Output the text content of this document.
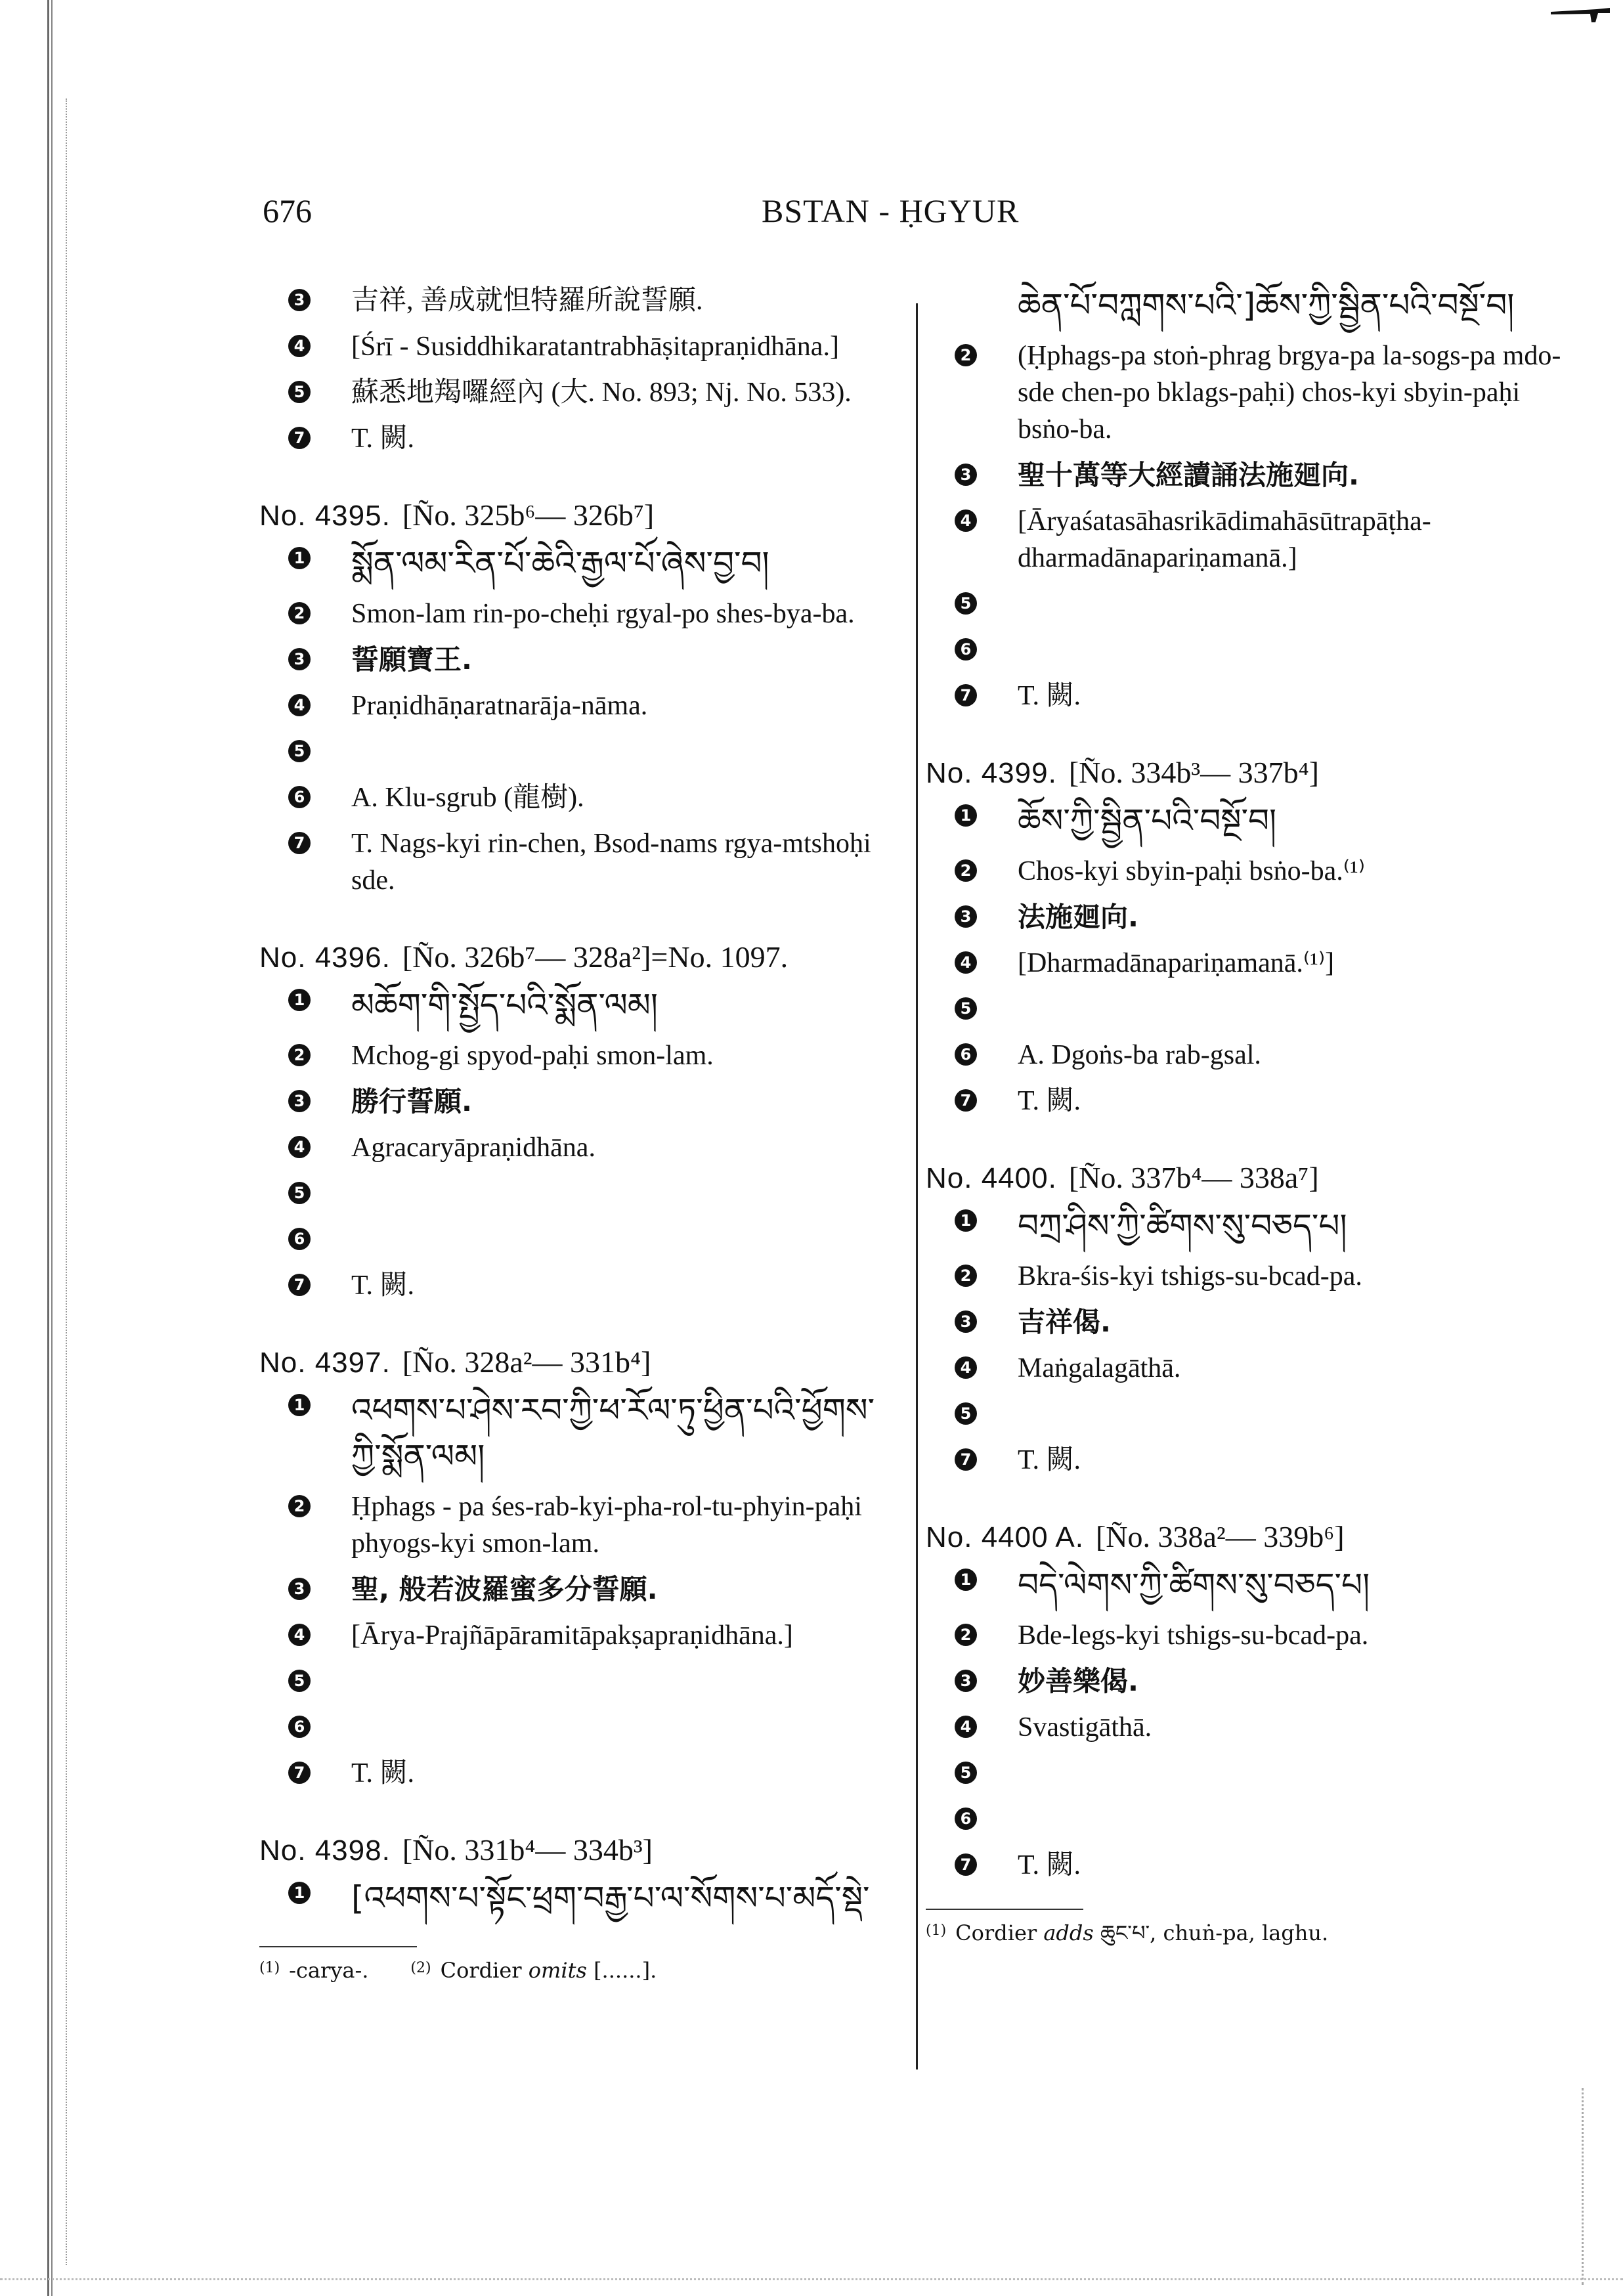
676	BSTAN - ḤGYUR
3 吉祥, 善成就怛特羅所說誓願.
4 [Śrī - Susiddhikaratantrabhāṣitapraṇidhāna.]
5 蘇悉地羯囉經內 (大. No. 893; Nj. No. 533).
7 T. 闕.
No. 4395. [Ño. 325b⁶— 326b⁷]
1 སྨོན་ལམ་རིན་པོ་ཆེའི་རྒྱལ་པོ་ཞེས་བྱ་བ།
2 Smon-lam rin-po-cheḥi rgyal-po shes-bya-ba.
3 誓願寶王.
4 Praṇidhāṇaratnarāja-nāma.
5
6 A. Klu-sgrub (龍樹).
7 T. Nags-kyi rin-chen, Bsod-nams rgya-mtshoḥi sde.
No. 4396. [Ño. 326b⁷— 328a²]=No. 1097.
1 མཆོག་གི་སྤྱོད་པའི་སྨོན་ལམ།
2 Mchog-gi spyod-paḥi smon-lam.
3 勝行誓願.
4 Agracaryāpraṇidhāna.
5
6
7 T. 闕.
No. 4397. [Ño. 328a²— 331b⁴]
1 འཕགས་པ་ཤེས་རབ་ཀྱི་ཕ་རོལ་ཏུ་ཕྱིན་པའི་ཕྱོགས་ཀྱི་སྨོན་ལམ།
2 Ḥphags - pa śes-rab-kyi-pha-rol-tu-phyin-paḥi phyogs-kyi smon-lam.
3 聖, 般若波羅蜜多分誓願.
4 [Ārya-Prajñāpāramitāpakṣapraṇidhāna.]
5
6
7 T. 闕.
No. 4398. [Ño. 331b⁴— 334b³]
1 [འཕགས་པ་སྟོང་ཕྲག་བརྒྱ་པ་ལ་སོགས་པ་མདོ་སྡེ་
$^{(1)}$ -carya-.	$^{(2)}$ Cordier omits [......].
ཆེན་པོ་བཀླགས་པའི་]ཆོས་ཀྱི་སྦྱིན་པའི་བསྔོ་བ།
2 (Ḥphags-pa stoṅ-phrag brgya-pa la-sogs-pa mdo-sde chen-po bklags-paḥi) chos-kyi sbyin-paḥi bsṅo-ba.
3 聖十萬等大經讀誦法施廻向.
4 [Āryaśatasāhasrikādimahāsūtrapāṭha-dharmadānapariṇamanā.]
5
6
7 T. 闕.
No. 4399. [Ño. 334b³— 337b⁴]
1 ཆོས་ཀྱི་སྦྱིན་པའི་བསྔོ་བ།
2 Chos-kyi sbyin-paḥi bsṅo-ba.⁽¹⁾
3 法施廻向.
4 [Dharmadānapariṇamanā.⁽¹⁾]
5
6 A. Dgoṅs-ba rab-gsal.
7 T. 闕.
No. 4400. [Ño. 337b⁴— 338a⁷]
1 བཀྲ་ཤིས་ཀྱི་ཚིགས་སུ་བཅད་པ།
2 Bkra-śis-kyi tshigs-su-bcad-pa.
3 吉祥偈.
4 Maṅgalagāthā.
5
7 T. 闕.
No. 4400 A. [Ño. 338a²— 339b⁶]
1 བདེ་ལེགས་ཀྱི་ཚིགས་སུ་བཅད་པ།
2 Bde-legs-kyi tshigs-su-bcad-pa.
3 妙善樂偈.
4 Svastigāthā.
5
6
7 T. 闕.
$^{(1)}$ Cordier adds ཆུང་པ་, chuṅ-pa, laghu.
